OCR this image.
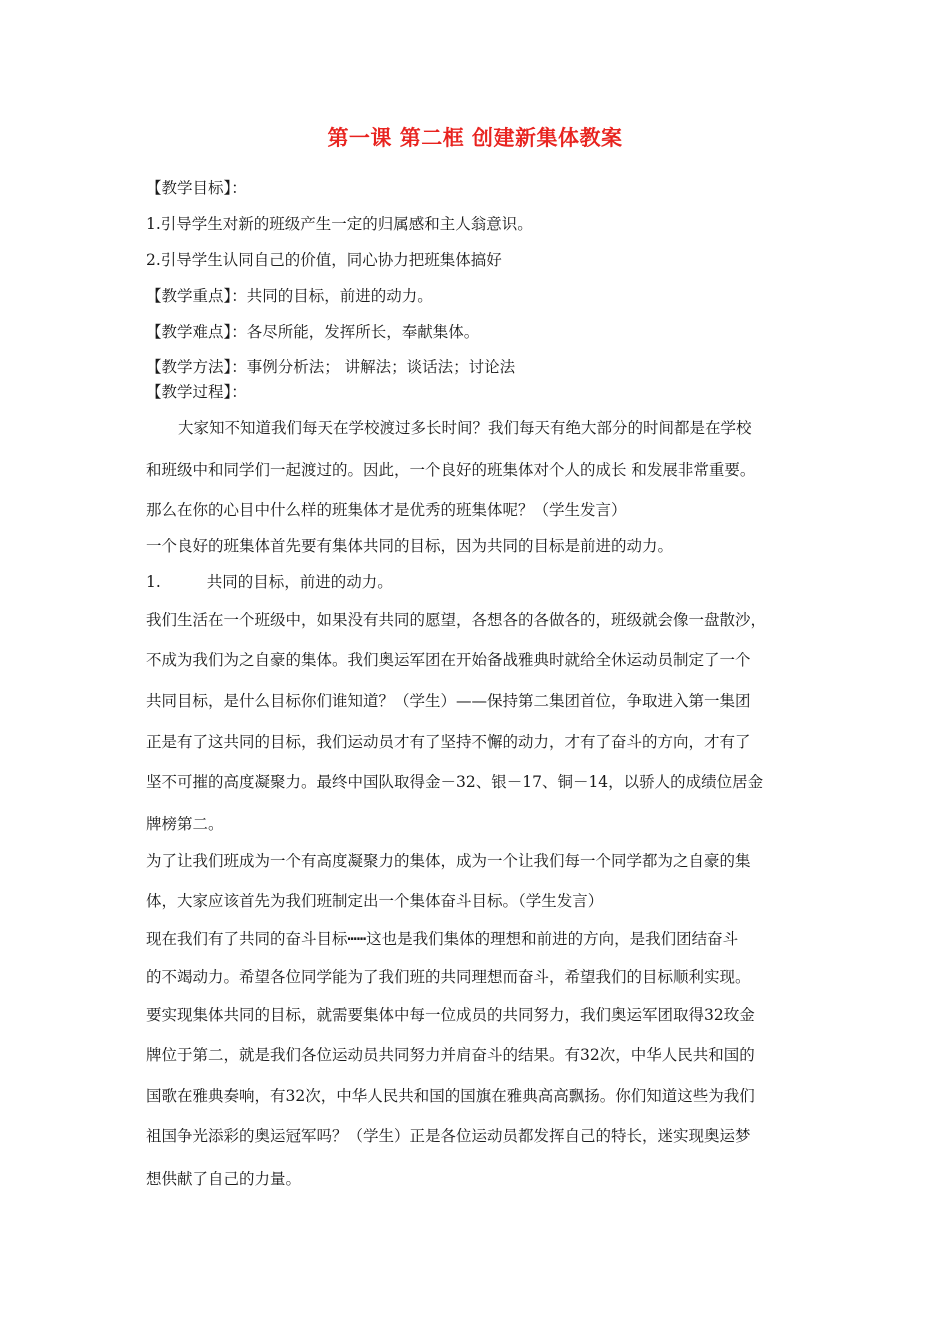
第一课 第二框 创建新集体教案
【教学目标】：
1.引导学生对新的班级产生一定的归属感和主人翁意识。
2.引导学生认同自己的价值，同心协力把班集体搞好
【教学重点】：共同的目标，前进的动力。
【教学难点】：各尽所能，发挥所长，奉献集体。
【教学方法】：事例分析法； 讲解法；谈话法；讨论法
【教学过程】：
大家知不知道我们每天在学校渡过多长时间？我们每天有绝大部分的时间都是在学校
和班级中和同学们一起渡过的。因此，一个良好的班集体对个人的成长 和发展非常重要。
那么在你的心目中什么样的班集体才是优秀的班集体呢？（学生发言）
一个良好的班集体首先要有集体共同的目标，因为共同的目标是前进的动力。
1.	共同的目标，前进的动力。
我们生活在一个班级中，如果没有共同的愿望，各想各的各做各的，班级就会像一盘散沙，
不成为我们为之自豪的集体。我们奥运军团在开始备战雅典时就给全休运动员制定了一个
共同目标，是什么目标你们谁知道？（学生）——保持第二集团首位，争取进入第一集团
正是有了这共同的目标，我们运动员才有了坚持不懈的动力，才有了奋斗的方向，才有了
坚不可摧的高度凝聚力。最终中国队取得金－32、银－17、铜－14，以骄人的成绩位居金
牌榜第二。
为了让我们班成为一个有高度凝聚力的集体，成为一个让我们每一个同学都为之自豪的集
体，大家应该首先为我们班制定出一个集体奋斗目标。（学生发言）
现在我们有了共同的奋斗目标┅┅这也是我们集体的理想和前进的方向，是我们团结奋斗
的不竭动力。希望各位同学能为了我们班的共同理想而奋斗，希望我们的目标顺利实现。
要实现集体共同的目标，就需要集体中每一位成员的共同努力，我们奥运军团取得32玫金
牌位于第二，就是我们各位运动员共同努力并肩奋斗的结果。有32次，中华人民共和国的
国歌在雅典奏响，有32次，中华人民共和国的国旗在雅典高高飘扬。你们知道这些为我们
祖国争光添彩的奥运冠军吗？（学生）正是各位运动员都发挥自己的特长，迷实现奥运梦
想供献了自己的力量。
